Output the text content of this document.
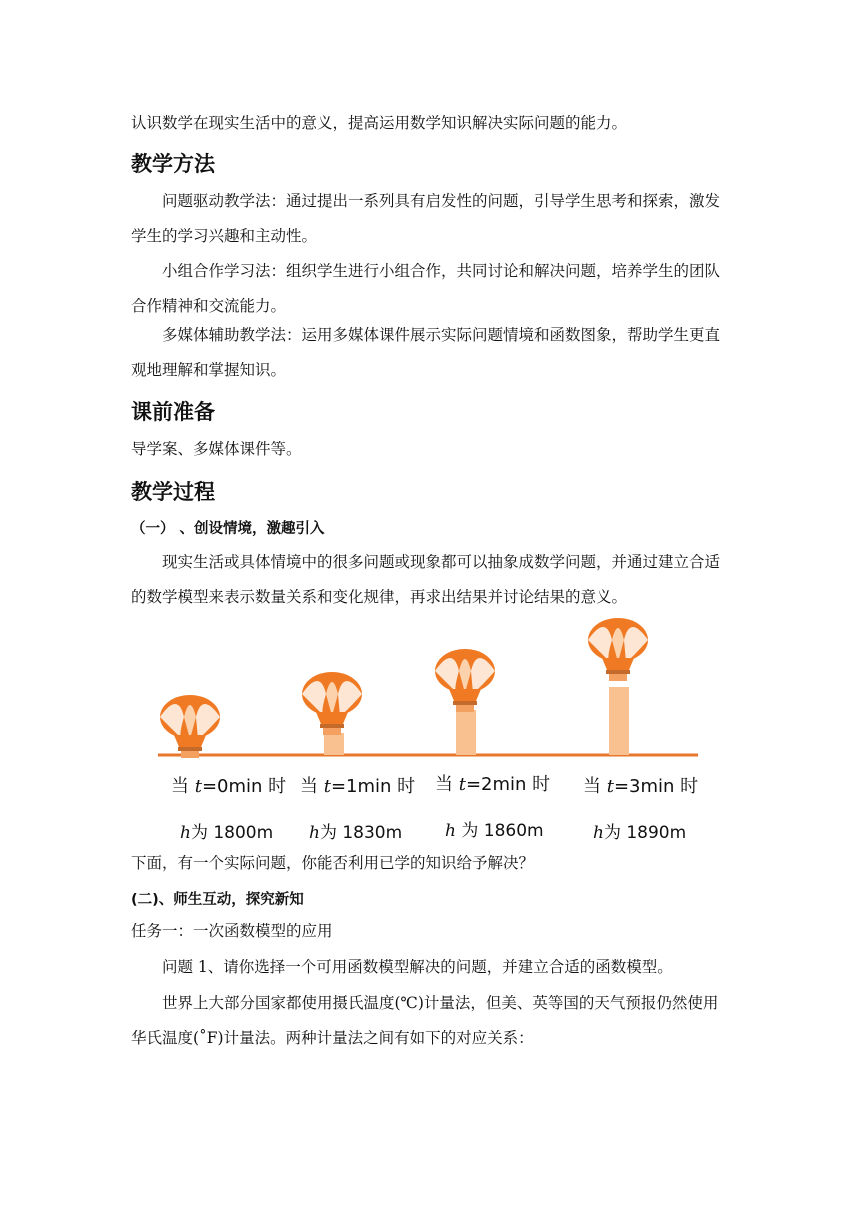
认识数学在现实生活中的意义，提高运用数学知识解决实际问题的能力。

教学方法

问题驱动教学法：通过提出一系列具有启发性的问题，引导学生思考和探索，激发学生的学习兴趣和主动性。

小组合作学习法：组织学生进行小组合作，共同讨论和解决问题，培养学生的团队合作精神和交流能力。

多媒体辅助教学法：运用多媒体课件展示实际问题情境和函数图象，帮助学生更直观地理解和掌握知识。

课前准备

导学案、多媒体课件等。

教学过程

（一） 、创设情境，激趣引入

现实生活或具体情境中的很多问题或现象都可以抽象成数学问题，并通过建立合适的数学模型来表示数量关系和变化规律，再求出结果并讨论结果的意义。

当 t=0min 时 当 t=1min 时 当 t=2min 时 当 t=3min 时
h为 1800m h为 1830m	h 为 1860m	h为 1890m

下面，有一个实际问题，你能否利用已学的知识给予解决？

(二)、师生互动，探究新知

任务一：一次函数模型的应用

问题 1、请你选择一个可用函数模型解决的问题，并建立合适的函数模型。

世界上大部分国家都使用摄氏温度(℃)计量法，但美、英等国的天气预报仍然使用华氏温度(˚F)计量法。两种计量法之间有如下的对应关系：
